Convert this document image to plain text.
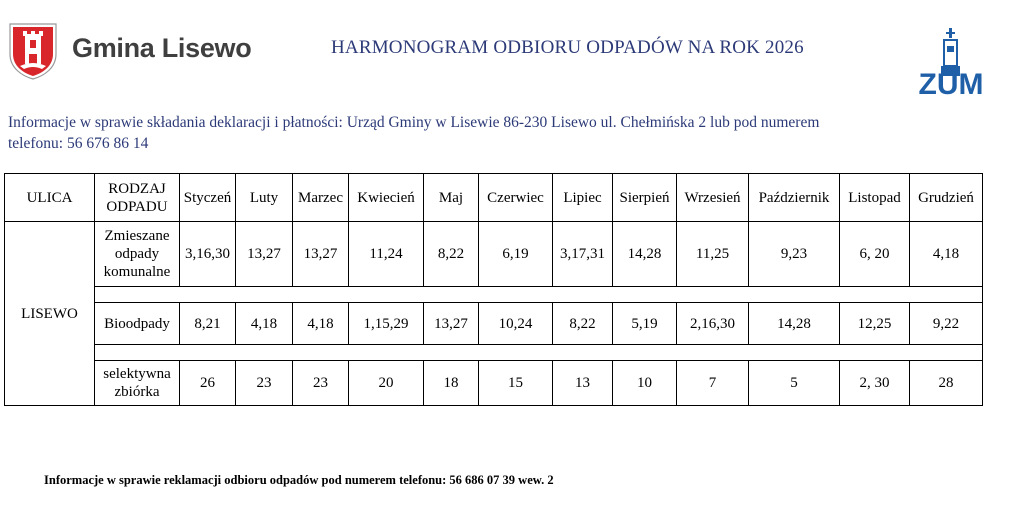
Gmina Lisewo	HARMONOGRAM ODBIORU ODPADÓW NA ROK 2026
ZUM
Informacje w sprawie składania deklaracji i płatności: Urząd Gminy w Lisewie 86-230 Lisewo ul. Chełmińska 2 lub pod numerem
telefonu: 56 676 86 14
ULICA	RODZAJ
ODPADU	Styczeń	Luty	Marzec	Kwiecień	Maj	Czerwiec	Lipiec	Sierpień	Wrzesień	Październik	Listopad	Grudzień
LISEWO	Zmieszane
odpady
komunalne	3,16,30	13,27	13,27	11,24	8,22	6,19	3,17,31	14,28	11,25	9,23	6, 20	4,18

	Bioodpady	8,21	4,18	4,18	1,15,29	13,27	10,24	8,22	5,19	2,16,30	14,28	12,25	9,22

	selektywna
zbiórka	26	23	23	20	18	15	13	10	7	5	2, 30	28
Informacje w sprawie reklamacji odbioru odpadów pod numerem telefonu: 56 686 07 39 wew. 2
